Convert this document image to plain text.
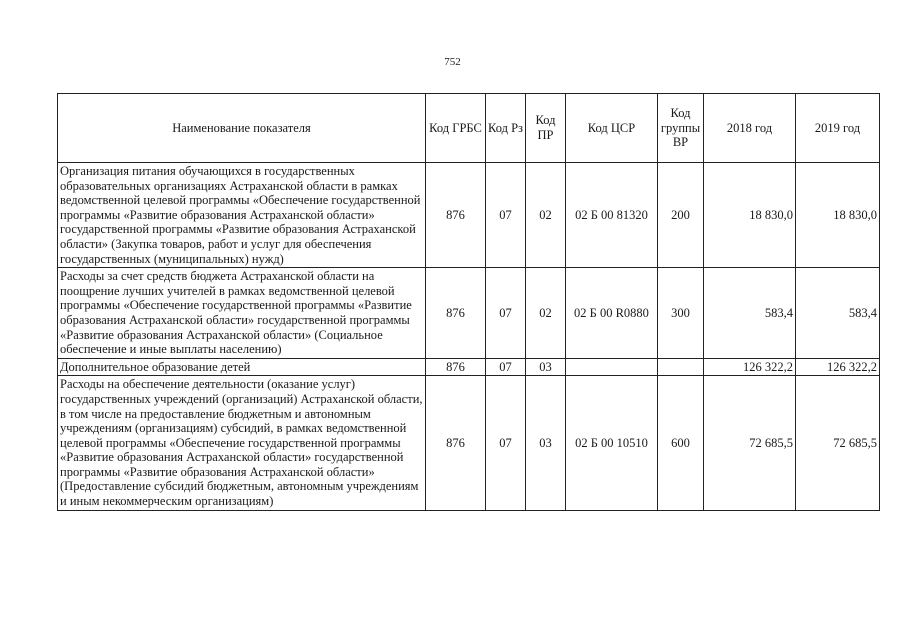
752
Наименование показателя	Код ГРБС	Код Рз	Код ПР	Код ЦСР	Код группы ВР	2018 год	2019 год
Организация питания обучающихся в государственных образовательных организациях Астраханской области в рамках ведомственной целевой программы «Обеспечение государственной программы «Развитие образования Астраханской области» государственной программы «Развитие образования Астраханской области» (Закупка товаров, работ и услуг для обеспечения государственных (муниципальных) нужд)	876	07	02	02 Б 00 81320	200	18 830,0	18 830,0
Расходы за счет средств бюджета Астраханской области на поощрение лучших учителей в рамках ведомственной целевой программы «Обеспечение государственной программы «Развитие образования Астраханской области» государственной программы «Развитие образования Астраханской области» (Социальное обеспечение и иные выплаты населению)	876	07	02	02 Б 00 R0880	300	583,4	583,4
Дополнительное образование детей	876	07	03			126 322,2	126 322,2
Расходы на обеспечение деятельности (оказание услуг) государственных учреждений (организаций) Астраханской области, в том числе на предоставление бюджетным и автономным учреждениям (организациям) субсидий, в рамках ведомственной целевой программы «Обеспечение государственной программы «Развитие образования Астраханской области» государственной программы «Развитие образования Астраханской области» (Предоставление субсидий бюджетным, автономным учреждениям и иным некоммерческим организациям)	876	07	03	02 Б 00 10510	600	72 685,5	72 685,5
